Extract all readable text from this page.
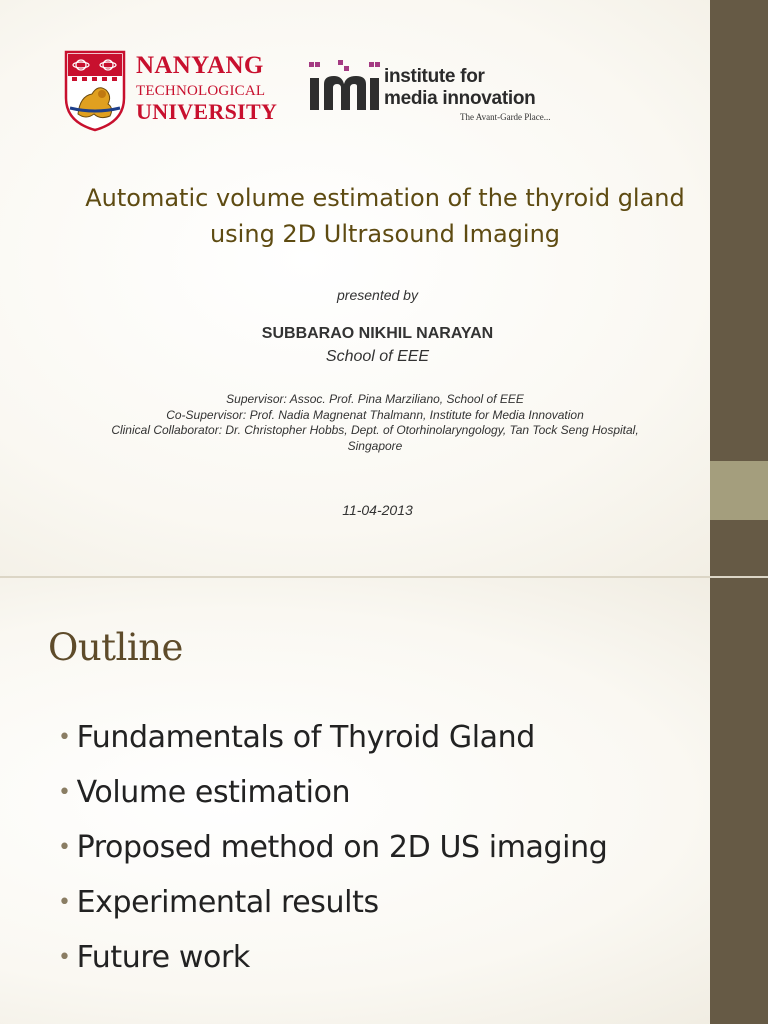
NANYANG
TECHNOLOGICAL
UNIVERSITY
institute for
media innovation
The Avant-Garde Place...
Automatic volume estimation of the thyroid gland using 2D Ultrasound Imaging
presented by
SUBBARAO NIKHIL NARAYAN
School of EEE
Supervisor: Assoc. Prof. Pina Marziliano, School of EEE
Co-Supervisor: Prof. Nadia Magnenat Thalmann, Institute for Media Innovation
Clinical Collaborator: Dr. Christopher Hobbs, Dept. of Otorhinolaryngology, Tan Tock Seng Hospital,
Singapore
11-04-2013
Outline
• Fundamentals of Thyroid Gland
• Volume estimation
• Proposed method on 2D US imaging
• Experimental results
• Future work
